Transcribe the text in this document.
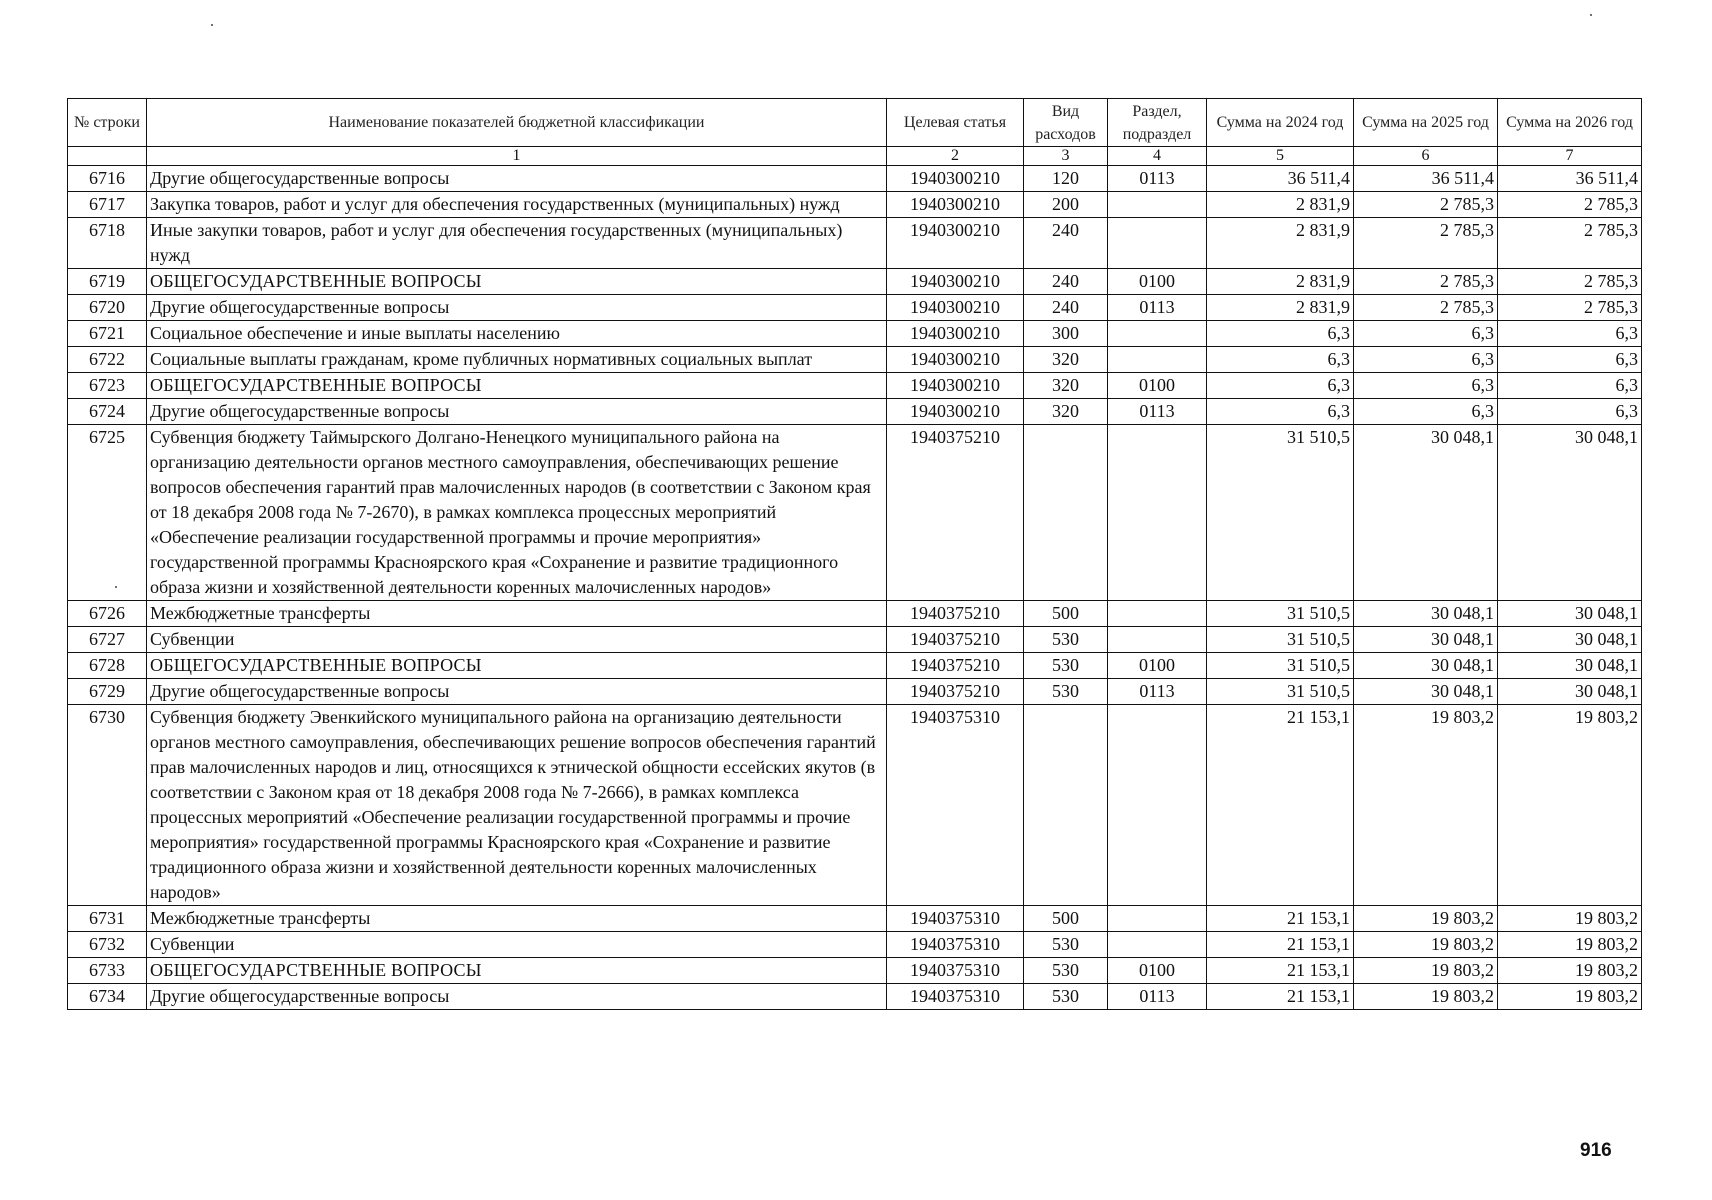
№ строки	Наименование показателей бюджетной классификации	Целевая статья	Вид расходов	Раздел, подраздел	Сумма на 2024 год	Сумма на 2025 год	Сумма на 2026 год
	1	2	3	4	5	6	7
6716	Другие общегосударственные вопросы	1940300210	120	0113	36 511,4	36 511,4	36 511,4
6717	Закупка товаров, работ и услуг для обеспечения государственных (муниципальных) нужд	1940300210	200		2 831,9	2 785,3	2 785,3
6718	Иные закупки товаров, работ и услуг для обеспечения государственных (муниципальных) нужд	1940300210	240		2 831,9	2 785,3	2 785,3
6719	ОБЩЕГОСУДАРСТВЕННЫЕ ВОПРОСЫ	1940300210	240	0100	2 831,9	2 785,3	2 785,3
6720	Другие общегосударственные вопросы	1940300210	240	0113	2 831,9	2 785,3	2 785,3
6721	Социальное обеспечение и иные выплаты населению	1940300210	300		6,3	6,3	6,3
6722	Социальные выплаты гражданам, кроме публичных нормативных социальных выплат	1940300210	320		6,3	6,3	6,3
6723	ОБЩЕГОСУДАРСТВЕННЫЕ ВОПРОСЫ	1940300210	320	0100	6,3	6,3	6,3
6724	Другие общегосударственные вопросы	1940300210	320	0113	6,3	6,3	6,3
6725	Субвенция бюджету Таймырского Долгано-Ненецкого муниципального района на организацию деятельности органов местного самоуправления, обеспечивающих решение вопросов обеспечения гарантий прав малочисленных народов (в соответствии с Законом края от 18 декабря 2008 года № 7-2670), в рамках комплекса процессных мероприятий «Обеспечение реализации государственной программы и прочие мероприятия» государственной программы Красноярского края «Сохранение и развитие традиционного образа жизни и хозяйственной деятельности коренных малочисленных народов»	1940375210			31 510,5	30 048,1	30 048,1
6726	Межбюджетные трансферты	1940375210	500		31 510,5	30 048,1	30 048,1
6727	Субвенции	1940375210	530		31 510,5	30 048,1	30 048,1
6728	ОБЩЕГОСУДАРСТВЕННЫЕ ВОПРОСЫ	1940375210	530	0100	31 510,5	30 048,1	30 048,1
6729	Другие общегосударственные вопросы	1940375210	530	0113	31 510,5	30 048,1	30 048,1
6730	Субвенция бюджету Эвенкийского муниципального района на организацию деятельности органов местного самоуправления, обеспечивающих решение вопросов обеспечения гарантий прав малочисленных народов и лиц, относящихся к этнической общности ессейских якутов (в соответствии с Законом края от 18 декабря 2008 года № 7-2666), в рамках комплекса процессных мероприятий «Обеспечение реализации государственной программы и прочие мероприятия» государственной программы Красноярского края «Сохранение и развитие традиционного образа жизни и хозяйственной деятельности коренных малочисленных народов»	1940375310			21 153,1	19 803,2	19 803,2
6731	Межбюджетные трансферты	1940375310	500		21 153,1	19 803,2	19 803,2
6732	Субвенции	1940375310	530		21 153,1	19 803,2	19 803,2
6733	ОБЩЕГОСУДАРСТВЕННЫЕ ВОПРОСЫ	1940375310	530	0100	21 153,1	19 803,2	19 803,2
6734	Другие общегосударственные вопросы	1940375310	530	0113	21 153,1	19 803,2	19 803,2
916
